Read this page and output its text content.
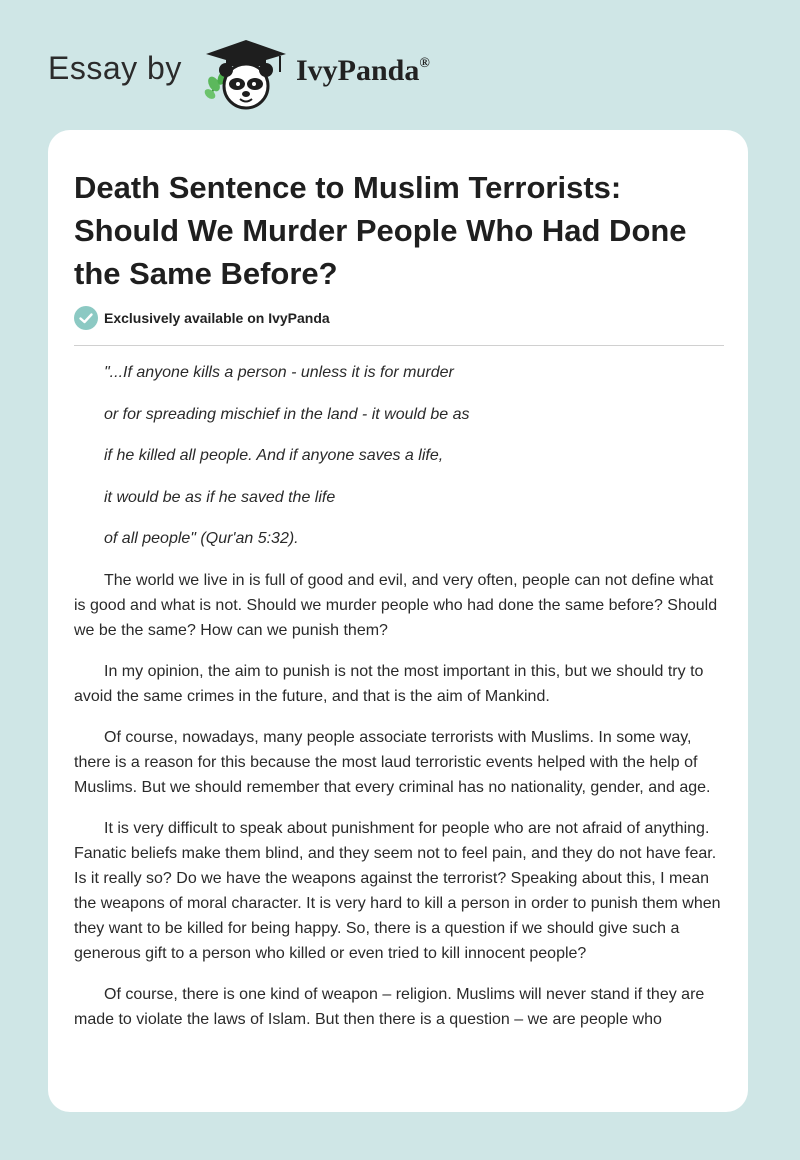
Essay by	IvyPanda®
Death Sentence to Muslim Terrorists: Should We Murder People Who Had Done the Same Before?
Exclusively available on IvyPanda

"...If anyone kills a person - unless it is for murder

or for spreading mischief in the land - it would be as

if he killed all people. And if anyone saves a life,

it would be as if he saved the life

of all people" (Qur'an 5:32).

The world we live in is full of good and evil, and very often, people can not define what is good and what is not. Should we murder people who had done the same before? Should we be the same? How can we punish them?

In my opinion, the aim to punish is not the most important in this, but we should try to avoid the same crimes in the future, and that is the aim of Mankind.

Of course, nowadays, many people associate terrorists with Muslims. In some way, there is a reason for this because the most laud terroristic events helped with the help of Muslims. But we should remember that every criminal has no nationality, gender, and age.

It is very difficult to speak about punishment for people who are not afraid of anything. Fanatic beliefs make them blind, and they seem not to feel pain, and they do not have fear. Is it really so? Do we have the weapons against the terrorist? Speaking about this, I mean the weapons of moral character. It is very hard to kill a person in order to punish them when they want to be killed for being happy. So, there is a question if we should give such a generous gift to a person who killed or even tried to kill innocent people?

Of course, there is one kind of weapon – religion. Muslims will never stand if they are made to violate the laws of Islam. But then there is a question – we are people who
